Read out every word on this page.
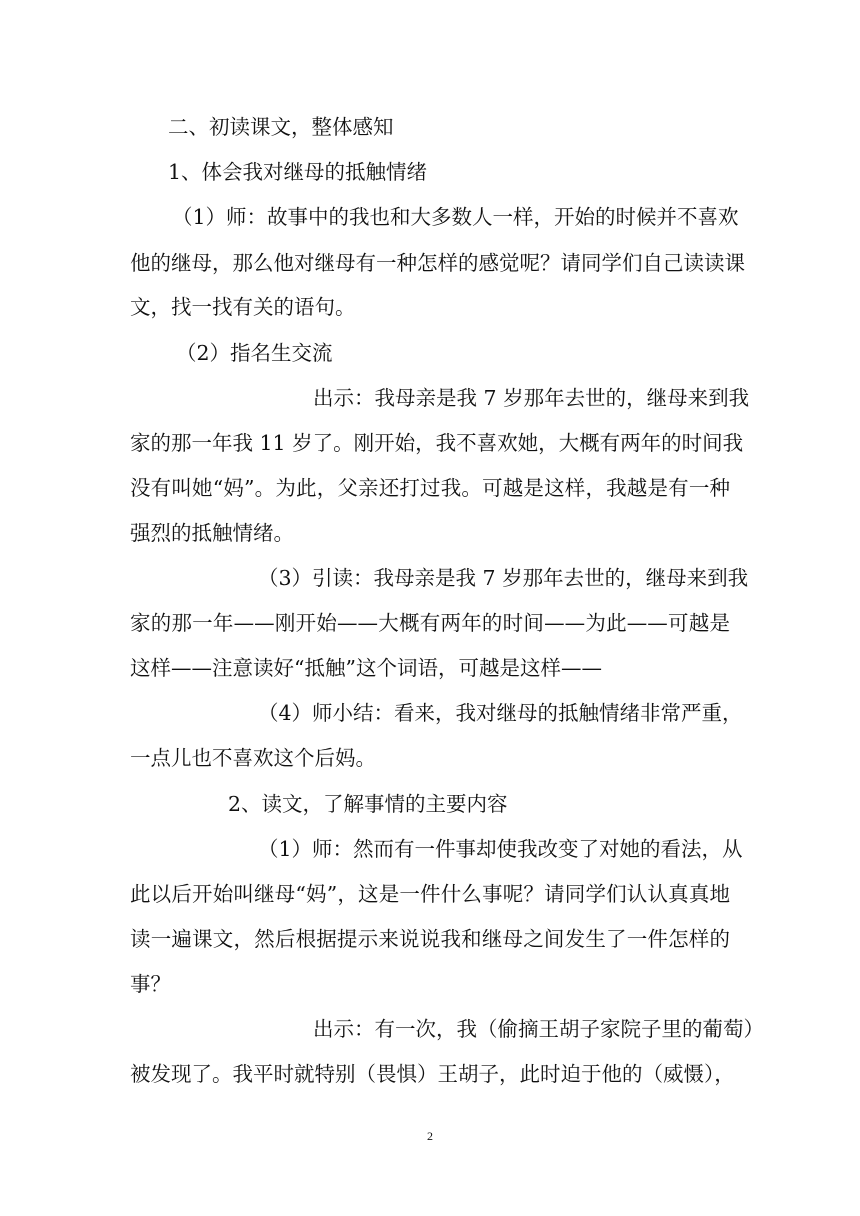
二、初读课文，整体感知
1、体会我对继母的抵触情绪
（1）师：故事中的我也和大多数人一样，开始的时候并不喜欢
他的继母，那么他对继母有一种怎样的感觉呢？请同学们自己读读课
文，找一找有关的语句。
（2）指名生交流
出示：我母亲是我 7 岁那年去世的，继母来到我
家的那一年我 11 岁了。刚开始，我不喜欢她，大概有两年的时间我
没有叫她“妈”。为此，父亲还打过我。可越是这样，我越是有一种
强烈的抵触情绪。
（3）引读：我母亲是我 7 岁那年去世的，继母来到我
家的那一年——刚开始——大概有两年的时间——为此——可越是
这样——注意读好“抵触”这个词语，可越是这样——
（4）师小结：看来，我对继母的抵触情绪非常严重，
一点儿也不喜欢这个后妈。
2、读文，了解事情的主要内容
（1）师：然而有一件事却使我改变了对她的看法，从
此以后开始叫继母“妈”，这是一件什么事呢？请同学们认认真真地
读一遍课文，然后根据提示来说说我和继母之间发生了一件怎样的
事？
出示：有一次，我（偷摘王胡子家院子里的葡萄）
被发现了。我平时就特别（畏惧）王胡子，此时迫于他的（威慑），
2
